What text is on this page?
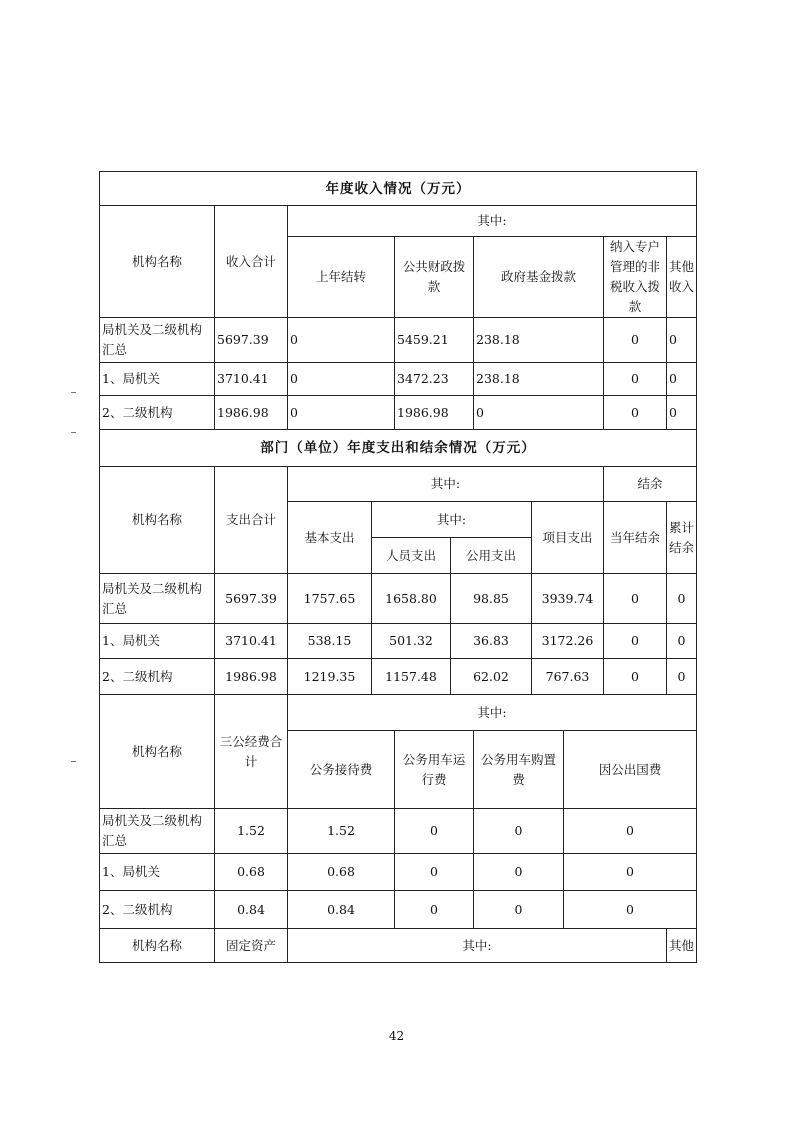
年度收入情况（万元）										
机构名称	收入合计	其中:								
		上年结转		公共财政拨款		政府基金拨款			纳入专户管理的非税收入拨款	其他收入
局机关及二级机构汇总	5697.39	0		5459.21		238.18			0	0
1、局机关	3710.41	0		3472.23		238.18			0	0
2、二级机构	1986.98	0		1986.98		0			0	0
部门（单位）年度支出和结余情况（万元）										
机构名称	支出合计	其中:							结余	
		基本支出	其中:				项目支出		当年结余	累计结余
			人员支出		公用支出					
局机关及二级机构汇总	5697.39	1757.65	1658.80		98.85		3939.74		0	0
1、局机关	3710.41	538.15	501.32		36.83		3172.26		0	0
2、二级机构	1986.98	1219.35	1157.48		62.02		767.63		0	0
机构名称	三公经费合计	其中:								
		公务接待费		公务用车运行费		公务用车购置费		因公出国费		
局机关及二级机构汇总	1.52	1.52		0		0		0		
1、局机关	0.68	0.68		0		0		0		
2、二级机构	0.84	0.84		0		0		0		
机构名称	固定资产	其中:								其他
42
